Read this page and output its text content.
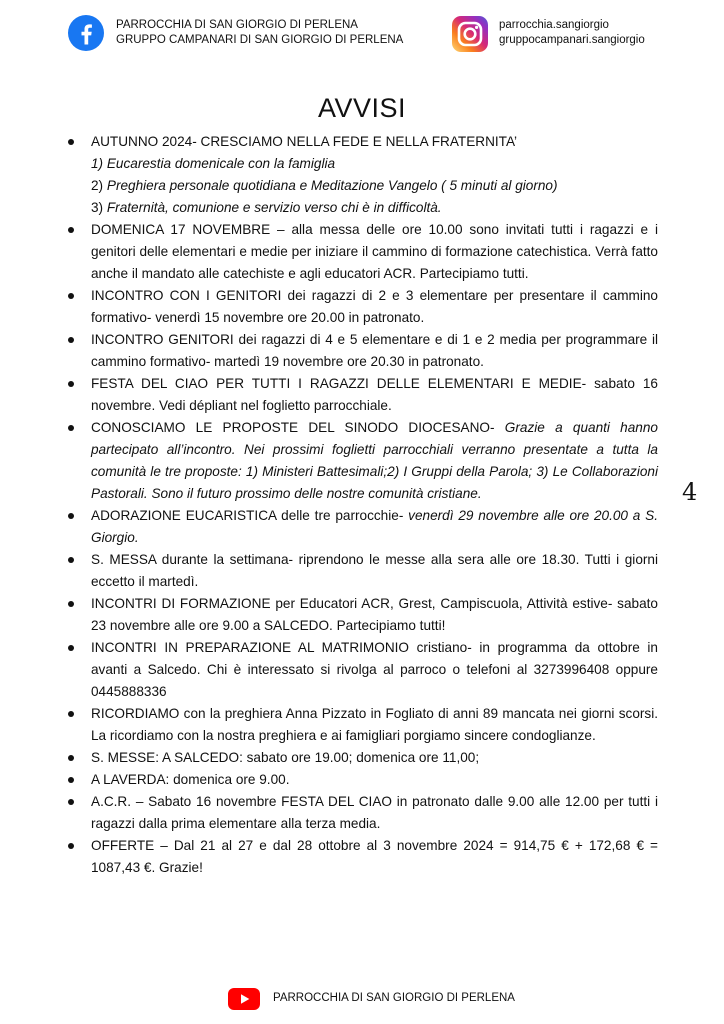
PARROCCHIA DI SAN GIORGIO DI PERLENA
GRUPPO CAMPANARI DI SAN GIORGIO DI PERLENA
parrocchia.sangiorgio
gruppocampanari.sangiorgio
AVVISI
AUTUNNO 2024- CRESCIAMO NELLA FEDE E NELLA FRATERNITA’
1) Eucarestia domenicale con la famiglia
2) Preghiera personale quotidiana e Meditazione Vangelo ( 5 minuti al giorno)
3) Fraternità, comunione e servizio verso chi è in difficoltà.
DOMENICA 17 NOVEMBRE – alla messa delle ore 10.00 sono invitati tutti i ragazzi e i genitori delle elementari e medie per iniziare il cammino di formazione catechistica. Verrà fatto anche il mandato alle catechiste e agli educatori ACR. Partecipiamo tutti.
INCONTRO CON I GENITORI dei ragazzi di 2 e 3 elementare per presentare il cammino formativo- venerdì 15 novembre ore 20.00 in patronato.
INCONTRO GENITORI dei ragazzi di 4 e 5 elementare e di 1 e 2 media per programmare il cammino formativo- martedì 19 novembre ore 20.30 in patronato.
FESTA DEL CIAO PER TUTTI I RAGAZZI DELLE ELEMENTARI E MEDIE- sabato 16 novembre. Vedi dépliant nel foglietto parrocchiale.
CONOSCIAMO LE PROPOSTE DEL SINODO DIOCESANO- Grazie a quanti hanno partecipato all’incontro. Nei prossimi foglietti parrocchiali verranno presentate a tutta la comunità le tre proposte: 1) Ministeri Battesimali;2) I Gruppi della Parola; 3) Le Collaborazioni Pastorali. Sono il futuro prossimo delle nostre comunità cristiane.
ADORAZIONE EUCARISTICA delle tre parrocchie- venerdì 29 novembre alle ore 20.00 a S. Giorgio.
S. MESSA durante la settimana- riprendono le messe alla sera alle ore 18.30. Tutti i giorni eccetto il martedì.
INCONTRI DI FORMAZIONE per Educatori ACR, Grest, Campiscuola, Attività estive- sabato 23 novembre alle ore 9.00 a SALCEDO. Partecipiamo tutti!
INCONTRI IN PREPARAZIONE AL MATRIMONIO cristiano- in programma da ottobre in avanti a Salcedo. Chi è interessato si rivolga al parroco o telefoni al 3273996408 oppure 0445888336
RICORDIAMO con la preghiera Anna Pizzato in Fogliato di anni 89 mancata nei giorni scorsi. La ricordiamo con la nostra preghiera e ai famigliari porgiamo sincere condoglianze.
S. MESSE: A SALCEDO: sabato ore 19.00; domenica ore 11,00;
A LAVERDA: domenica ore 9.00.
A.C.R. – Sabato 16 novembre FESTA DEL CIAO in patronato dalle 9.00 alle 12.00 per tutti i ragazzi dalla prima elementare alla terza media.
OFFERTE – Dal 21 al 27 e dal 28 ottobre al 3 novembre 2024 = 914,75 € + 172,68 € = 1087,43 €. Grazie!
4
PARROCCHIA DI SAN GIORGIO DI PERLENA
